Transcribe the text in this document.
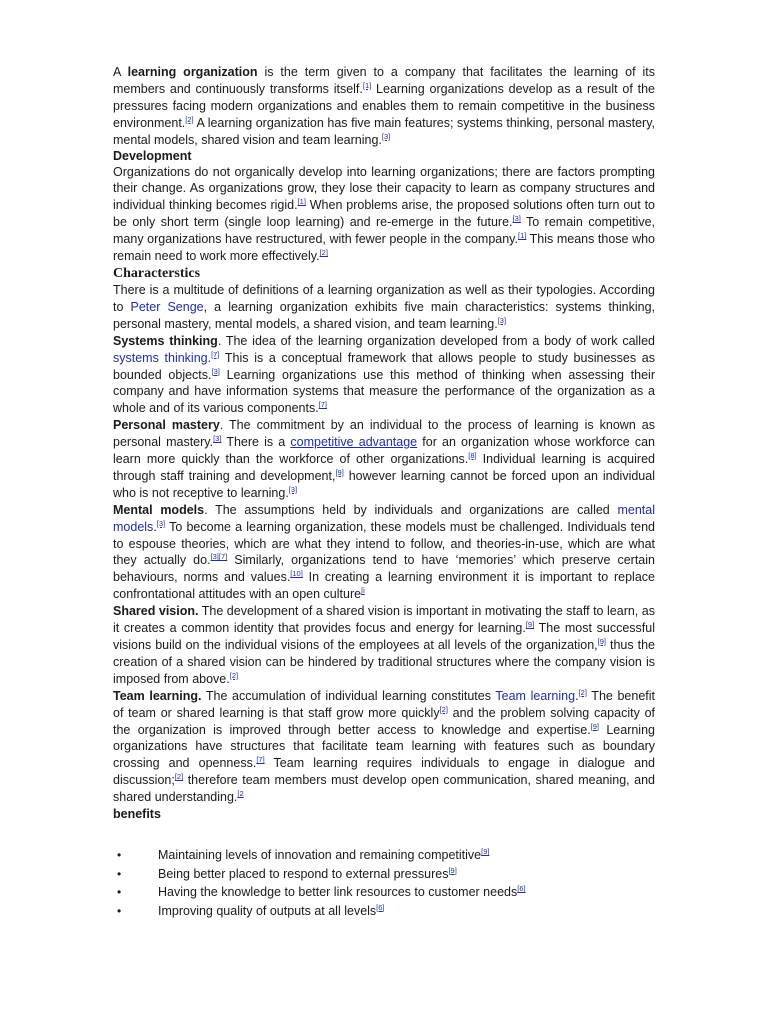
A learning organization is the term given to a company that facilitates the learning of its members and continuously transforms itself.[1] Learning organizations develop as a result of the pressures facing modern organizations and enables them to remain competitive in the business environment.[2] A learning organization has five main features; systems thinking, personal mastery, mental models, shared vision and team learning.[3]

Development

Organizations do not organically develop into learning organizations; there are factors prompting their change. As organizations grow, they lose their capacity to learn as company structures and individual thinking becomes rigid.[1] When problems arise, the proposed solutions often turn out to be only short term (single loop learning) and re-emerge in the future.[3] To remain competitive, many organizations have restructured, with fewer people in the company.[1] This means those who remain need to work more effectively.[2]

Characterstics

There is a multitude of definitions of a learning organization as well as their typologies. According to Peter Senge, a learning organization exhibits five main characteristics: systems thinking, personal mastery, mental models, a shared vision, and team learning.[3]

Systems thinking. The idea of the learning organization developed from a body of work called systems thinking.[7] This is a conceptual framework that allows people to study businesses as bounded objects.[3] Learning organizations use this method of thinking when assessing their company and have information systems that measure the performance of the organization as a whole and of its various components.[7]

Personal mastery. The commitment by an individual to the process of learning is known as personal mastery.[3] There is a competitive advantage for an organization whose workforce can learn more quickly than the workforce of other organizations.[8] Individual learning is acquired through staff training and development,[9] however learning cannot be forced upon an individual who is not receptive to learning.[3]

Mental models. The assumptions held by individuals and organizations are called mental models.[3] To become a learning organization, these models must be challenged. Individuals tend to espouse theories, which are what they intend to follow, and theories-in-use, which are what they actually do.[3][7] Similarly, organizations tend to have ‘memories’ which preserve certain behaviours, norms and values.[10] In creating a learning environment it is important to replace confrontational attitudes with an open culture$^{[i}$

Shared vision. The development of a shared vision is important in motivating the staff to learn, as it creates a common identity that provides focus and energy for learning.[9] The most successful visions build on the individual visions of the employees at all levels of the organization,[9] thus the creation of a shared vision can be hindered by traditional structures where the company vision is imposed from above.[2]

Team learning. The accumulation of individual learning constitutes Team learning.[2] The benefit of team or shared learning is that staff grow more quickly[2] and the problem solving capacity of the organization is improved through better access to knowledge and expertise.[9] Learning organizations have structures that facilitate team learning with features such as boundary crossing and openness.[7] Team learning requires individuals to engage in dialogue and discussion;[2] therefore team members must develop open communication, shared meaning, and shared understanding.$^{[2}$

benefits
•	Maintaining levels of innovation and remaining competitive[9]
•	Being better placed to respond to external pressures[9]
•	Having the knowledge to better link resources to customer needs[6]
•	Improving quality of outputs at all levels[6]
